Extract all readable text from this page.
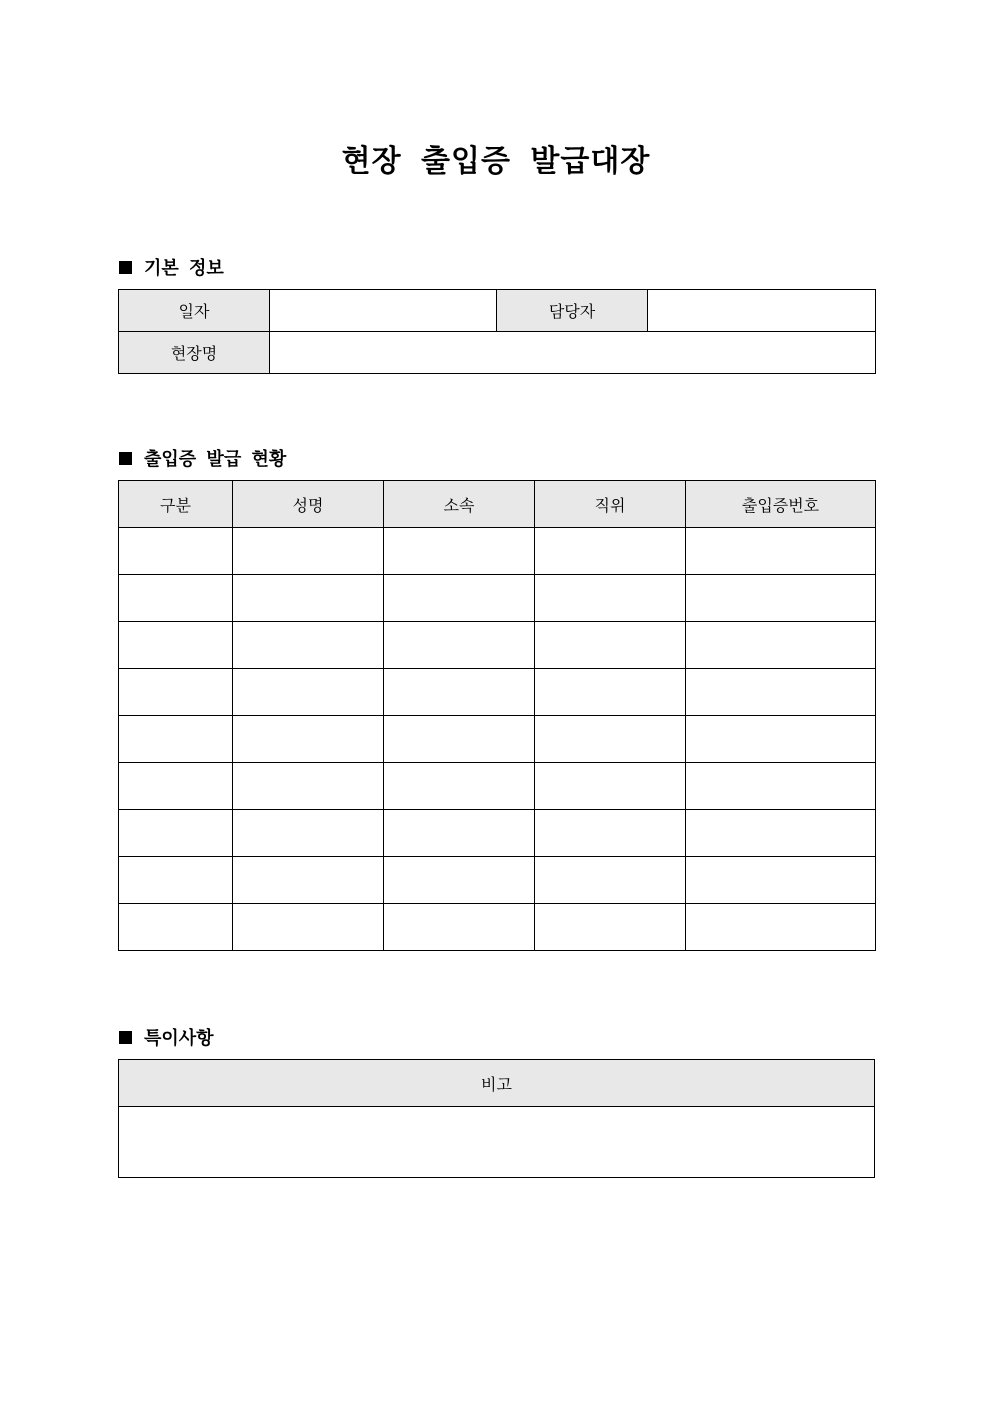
현장 출입증 발급대장
기본 정보
일자		담당자	
현장명			
출입증 발급 현황
구분	성명	소속	직위	출입증번호

특이사항
비고
